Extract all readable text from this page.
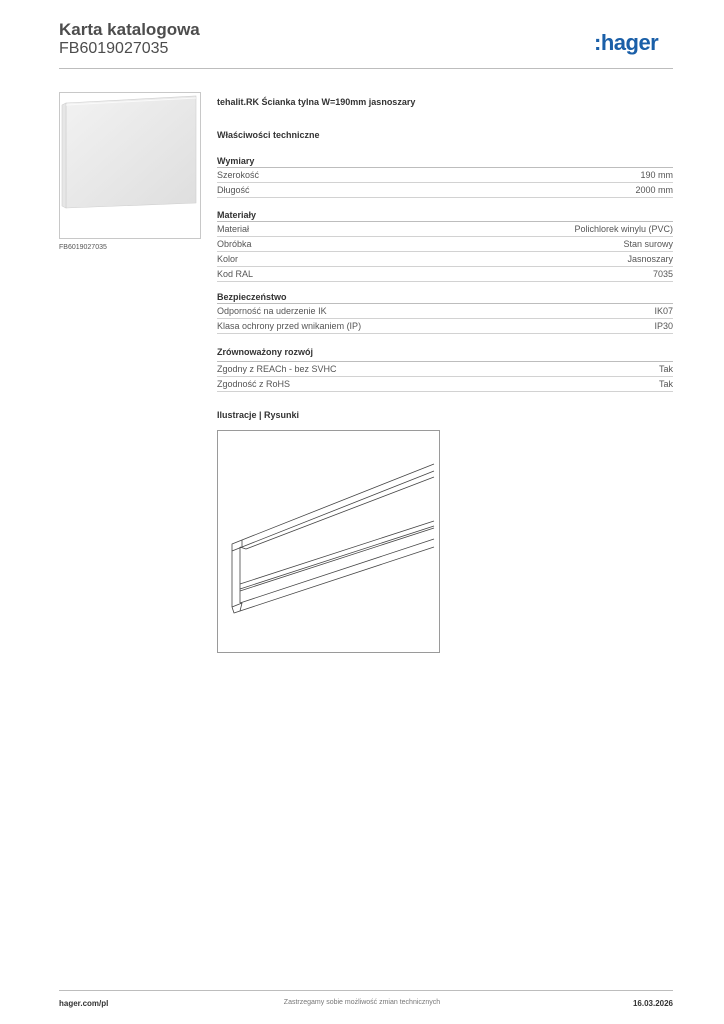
Karta katalogowa
FB6019027035	:hager
FB6019027035
tehalit.RK Ścianka tylna W=190mm jasnoszary
Właściwości techniczne
Wymiary
Szerokość	190 mm
Długość	2000 mm
Materiały
Materiał	Polichlorek winylu (PVC)
Obróbka	Stan surowy
Kolor	Jasnoszary
Kod RAL	7035
Bezpieczeństwo
Odporność na uderzenie IK	IK07
Klasa ochrony przed wnikaniem (IP)	IP30
Zrównoważony rozwój
Zgodny z REACh - bez SVHC	Tak
Zgodność z RoHS	Tak
Ilustracje | Rysunki
hager.com/pl	Zastrzegamy sobie możliwość zmian technicznych	16.03.2026
